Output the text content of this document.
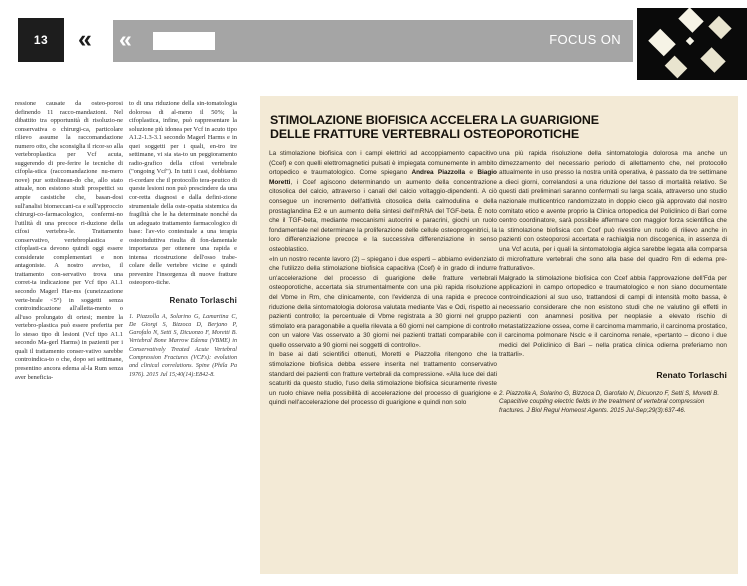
13 « «	FOCUS ON

ressione causate da osteo-porosi definendo 11 racco-mandazioni. Nel dibattito tra opportunità di risoluzio-ne conservativa o chirurgi-ca, particolare rilievo assume la raccomandazione numero otto, che sconsiglia il ricor-so alla vertebroplastica per Vcf acuta, suggerendo di pre-ferire le tecniche di cifopla-stica (raccomandazione nu-mero nove) pur sottolinean-do che, allo stato attuale, non esistono studi prospettici su ampie casistiche che, basan-dosi sull'analisi biomeccani-ca e sull'approccio chirurgi-co-farmacologico, confermi-no l'utilità di una precoce ri-duzione della cifosi vertebra-le. Trattamento conservativo, vertebroplastica e cifoplasti-ca devono quindi oggi essere considerate complementari e non antagoniste. A nostro avviso, il trattamento con-servativo trova una corret-ta indicazione per Vcf tipo A1.1 secondo Magerl Har-ms (cuneizzazione verte-brale <5°) in soggetti senza controindicazione all'alletta-mento o all'uso prolungato di ortesi; mentre la vertebro-plastica può essere preferita per lo stesso tipo di lesioni (Vcf tipo A1.1 secondo Ma-gerl Harms) in pazienti per i quali il trattamento conser-vativo sarebbe controindica-to o che, dopo sei settimane, presentino ancora edema al-la Rum senza aver beneficia-

to di una riduzione della sin-tomatologia dolorosa di al-meno il 50%; la cifoplastica, infine, può rappresentare la soluzione più idonea per Vcf in acuto tipo A1.2-1.3-3.1 secondo Magerl Harms e in quei soggetti per i quali, en-tro tre settimane, vi sia sta-to un peggioramento radio-grafico della cifosi vertebrale ("ongoing Vcf"). In tutti i casi, dobbiamo ri-cordare che il protocollo tera-peutico di queste lesioni non può prescindere da una cor-retta diagnosi e dalla defini-zione strumentale della oste-opatia sistemica da fragilità che le ha determinate nonché da un adeguato trattamento farmacologico di base: l'av-vio contestuale a una terapia osteoinduttiva risulta di fon-damentale importanza per ottenere una rapida e intensa ricostruzione dell'osso trabe-colare delle vertebre vicine e quindi prevenire l'insorgenza di nuove fratture osteoporo-tiche.

Renato Torlaschi

1. Piazzolla A, Solarino G, Lamartina C, De Giorgi S, Bizzoca D, Berjano P, Garofalo N, Setti S, Dicuonzo F, Moretti B. Vertebral Bone Marrow Edema (VBME) in Conservatively Treated Acute Vertebral Compression Fractures (VCFs): evolution and clinical correlations. Spine (Phila Pa 1976). 2015 Jul 15;40(14):E842-8.

STIMOLAZIONE BIOFISICA ACCELERA LA GUARIGIONE
DELLE FRATTURE VERTEBRALI OSTEOPOROTICHE

La stimolazione biofisica con i campi elettrici ad accoppiamento capacitivo (Ccef) e con quelli elettromagnetici pulsati è impiegata comunemente in ambito ortopedico e traumatologico. Come spiegano Andrea Piazzolla e Biagio Moretti, i Ccef agiscono determinando un aumento della concentrazione citosolica del calcio, attraverso i canali del calcio voltaggio-dipendenti. A ciò consegue un incremento dell'attività citosolica della calmodulina e della prostaglandina E2 e un aumento della sintesi dell'mRNA del TGF-beta. È noto che il TGF-beta, mediante meccanismi autocrini e paracrini, giochi un ruolo fondamentale nel determinare la proliferazione delle cellule osteoprogenitrici, la loro differenziazione precoce e la successiva differenziazione in senso osteoblastico.

«In un nostro recente lavoro (2) – spiegano i due esperti – abbiamo evidenziato che l'utilizzo della stimolazione biofisica capacitiva (Ccef) è in grado di indurre un'accelerazione del processo di guarigione delle fratture vertebrali osteoporotiche, accertata sia strumentalmente con una più rapida risoluzione del Vbme in Rm, che clinicamente, con l'evidenza di una rapida e precoce riduzione della sintomatologia dolorosa valutata mediante Vas e Odi, rispetto ai pazienti controllo; la percentuale di Vbme registrata a 30 giorni nel gruppo stimolato era paragonabile a quella rilevata a 60 giorni nel campione di controllo con un valore Vas osservato a 30 giorni nei pazienti trattati comparabile con quello osservato a 90 giorni nei soggetti di controllo».

In base ai dati scientifici ottenuti, Moretti e Piazzolla ritengono che la stimolazione biofisica debba essere inserita nel trattamento conservativo standard dei pazienti con fratture vertebrali da compressione. «Alla luce dei dati scaturiti da questo studio, l'uso della stimolazione biofisica sicuramente riveste un ruolo chiave nella possibilità di accelerazione del processo di guarigione e quindi nell'accelerazione del processo di guarigione e quindi non solo

una più rapida risoluzione della sintomatologia dolorosa ma anche un dimezzamento del necessario periodo di allettamento che, nel protocollo attualmente in uso presso la nostra unità operativa, è passato da tre settimane a dieci giorni, correlandosi a una riduzione del tasso di mortalità relativo. Se questi dati preliminari saranno confermati su larga scala, attraverso uno studio nazionale multicentrico randomizzato in doppio cieco già approvato dal nostro comitato etico e avente proprio la Clinica ortopedica del Policlinico di Bari come centro coordinatore, sarà possibile affermare con maggior forza scientifica che la stimolazione biofisica con Ccef può rivestire un ruolo di rilievo anche in pazienti con osteoporosi accertata e rachialgia non discogenica, in assenza di una Vcf acuta, per i quali la sintomatologia algica sarebbe legata alla comparsa di microfratture vertebrali che sono alla base del quadro Rm di edema pre-fratturativo».

Malgrado la stimolazione biofisica con Ccef abbia l'approvazione dell'Fda per applicazioni in campo ortopedico e traumatologico e non siano documentate controindicazioni al suo uso, trattandosi di campi di intensità molto bassa, è necessario considerare che non esistono studi che ne valutino gli effetti in pazienti con anamnesi positiva per neoplasie a elevato rischio di metastatizzazione ossea, come il carcinoma mammario, il carcinoma prostatico, il carcinoma polmonare Nsclc e il carcinoma renale, «pertanto – dicono i due medici del Policlinico di Bari – nella pratica clinica odierna preferiamo non trattarli».

Renato Torlaschi

2. Piazzolla A, Solarino G, Bizzoca D, Garofalo N, Dicuonzo F, Setti S, Moretti B. Capacitive coupling electric fields in the treatment of vertebral compression fractures. J Biol Regul Homeost Agents. 2015 Jul-Sep;29(3):637-46.
